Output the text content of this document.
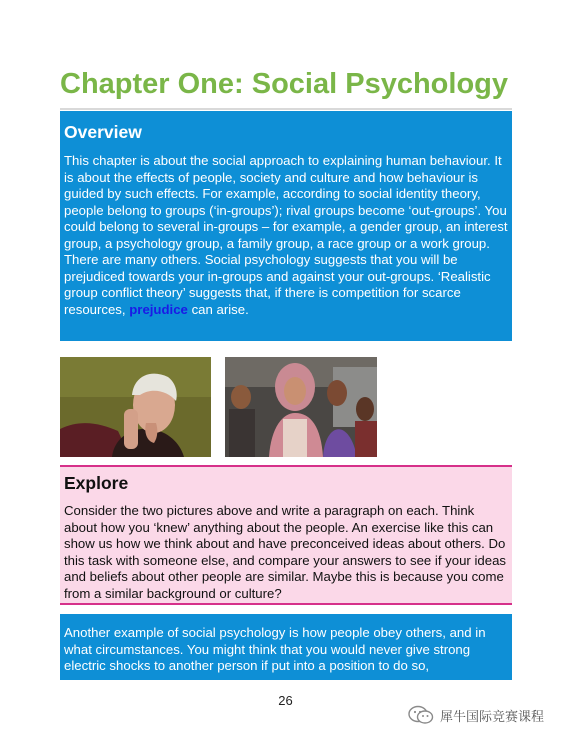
Chapter One: Social Psychology
Overview

This chapter is about the social approach to explaining human behaviour. It is about the effects of people, society and culture and how behaviour is guided by such effects. For example, according to social identity theory, people belong to groups (‘in-groups’); rival groups become ‘out-groups’. You could belong to several in-groups – for example, a gender group, an interest group, a psychology group, a family group, a race group or a work group. There are many others. Social psychology suggests that you will be prejudiced towards your in-groups and against your out-groups. ‘Realistic group conflict theory’ suggests that, if there is competition for scarce resources, prejudice can arise.

Explore

Consider the two pictures above and write a paragraph on each. Think about how you ‘knew’ anything about the people. An exercise like this can show us how we think about and have preconceived ideas about others. Do this task with someone else, and compare your answers to see if your ideas and beliefs about other people are similar. Maybe this is because you come from a similar background or culture?

Another example of social psychology is how people obey others, and in what circumstances. You might think that you would never give strong electric shocks to another person if put into a position to do so,

26
犀牛国际竞赛课程
